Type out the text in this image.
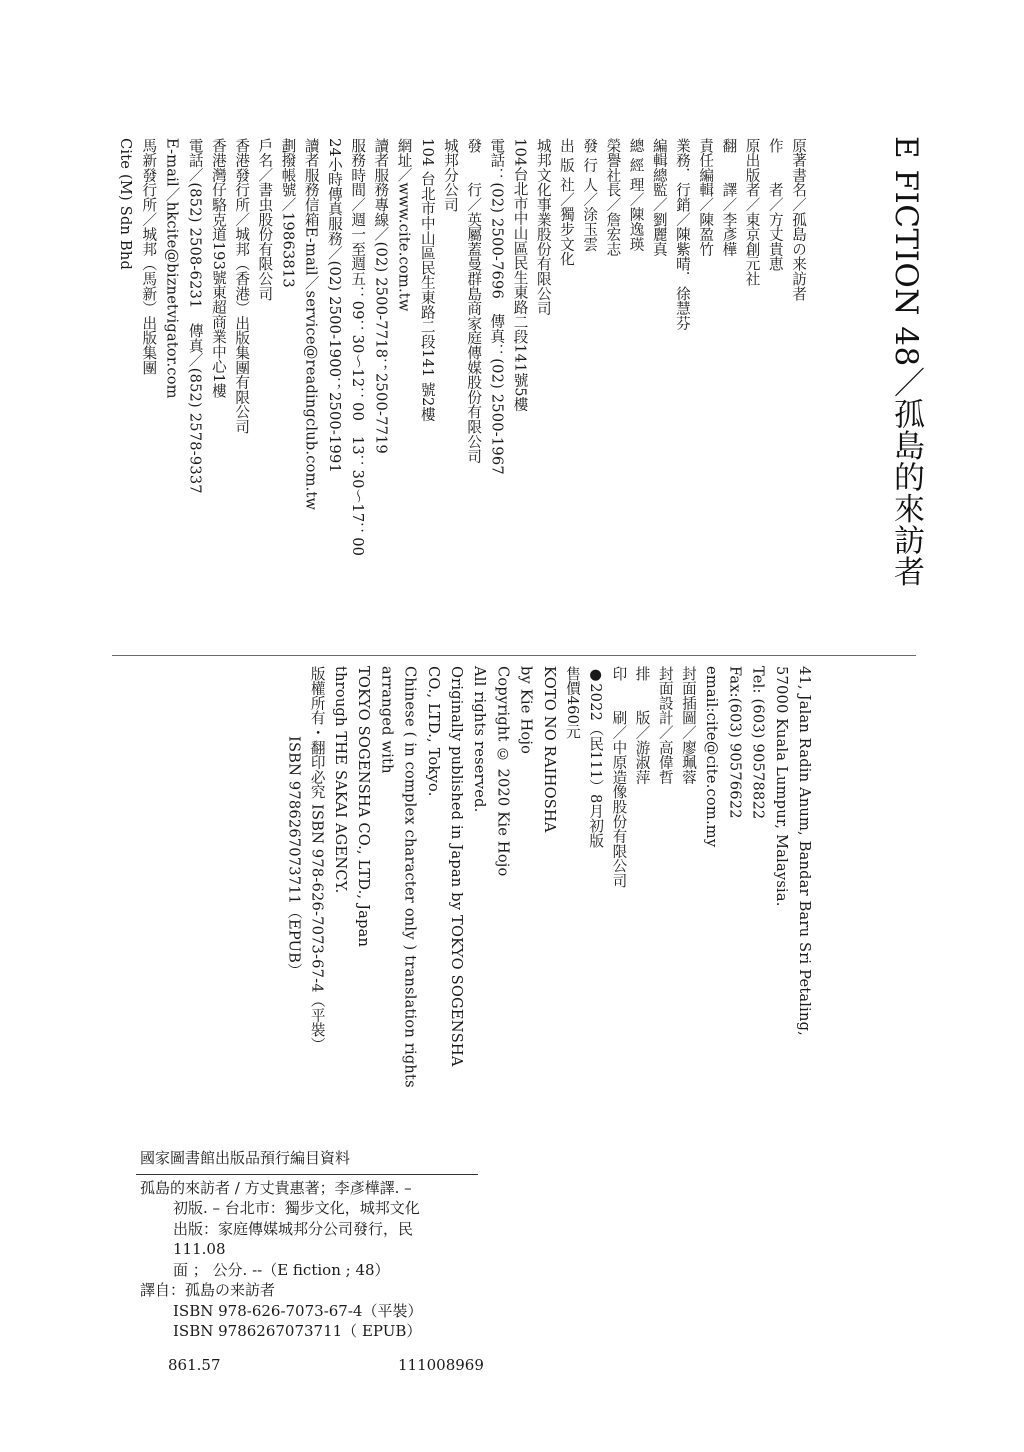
E FICTION 48／孤島的來訪者
原著書名／孤島の来訪者
作　　者／方丈貴恵
原出版者／東京創元社
翻　　譯／李彥樺
責任編輯／陳盈竹
業務．行銷／陳紫晴．徐慧芬
編輯總監／劉麗真
總 經 理／陳逸瑛
榮譽社長／詹宏志
發 行 人／涂玉雲
出 版 社／獨步文化
城邦文化事業股份有限公司
104台北市中山區民生東路二段141號5樓
電話：(02) 2500-7696　傳真：(02) 2500-1967
發　　行／英屬蓋曼群島商家庭傳媒股份有限公司
城邦分公司
104 台北市中山區民生東路二段141 號2樓
網址／www.cite.com.tw
讀者服務專線／(02) 2500-7718；2500-7719
服務時間／週一至週五：09：30～12：00　13：30～17：00
24小時傳真服務／(02) 2500-1900；2500-1991
讀者服務信箱E-mail／service@readingclub.com.tw
劃撥帳號／19863813
戶名／書虫股份有限公司
香港發行所／城邦（香港）出版集團有限公司
香港灣仔駱克道193號東超商業中心1樓
電話／(852) 2508-6231　傳真／(852) 2578-9337
E-mail／hkcite@biznetvigator.com
馬新發行所／城邦（馬新）出版集團
Cite (M) Sdn Bhd
41, Jalan Radin Anum, Bandar Baru Sri Petaling,
57000 Kuala Lumpur, Malaysia.
Tel: (603) 90578822
Fax:(603) 90576622
email:cite@cite.com.my
封面插圖／廖珮蓉
封面設計／高偉哲
排　　版／游淑萍
印　　刷／中原造像股份有限公司
●2022（民111）8月初版
售價460元
KOTO NO RAIHOSHA
by Kie Hojo
Copyright © 2020 Kie Hojo
All rights reserved.
Originally published in Japan by TOKYO SOGENSHA
CO., LTD., Tokyo.
Chinese ( in complex character only ) translation rights
arranged with
TOKYO SOGENSHA CO., LTD., Japan
through THE SAKAI AGENCY.
版權所有・翻印必究 ISBN 978-626-7073-67-4（平裝）
ISBN 9786267073711（EPUB）
國家圖書館出版品預行編目資料
孤島的來訪者 / 方丈貴惠著；李彥樺譯. –
初版. – 台北市：獨步文化，城邦文化
出版：家庭傳媒城邦分公司發行，民
111.08
面 ； 公分. --（E fiction ; 48）
譯自：孤島の来訪者
ISBN 978-626-7073-67-4（平裝）
ISBN 9786267073711（ EPUB）
861.57	111008969
